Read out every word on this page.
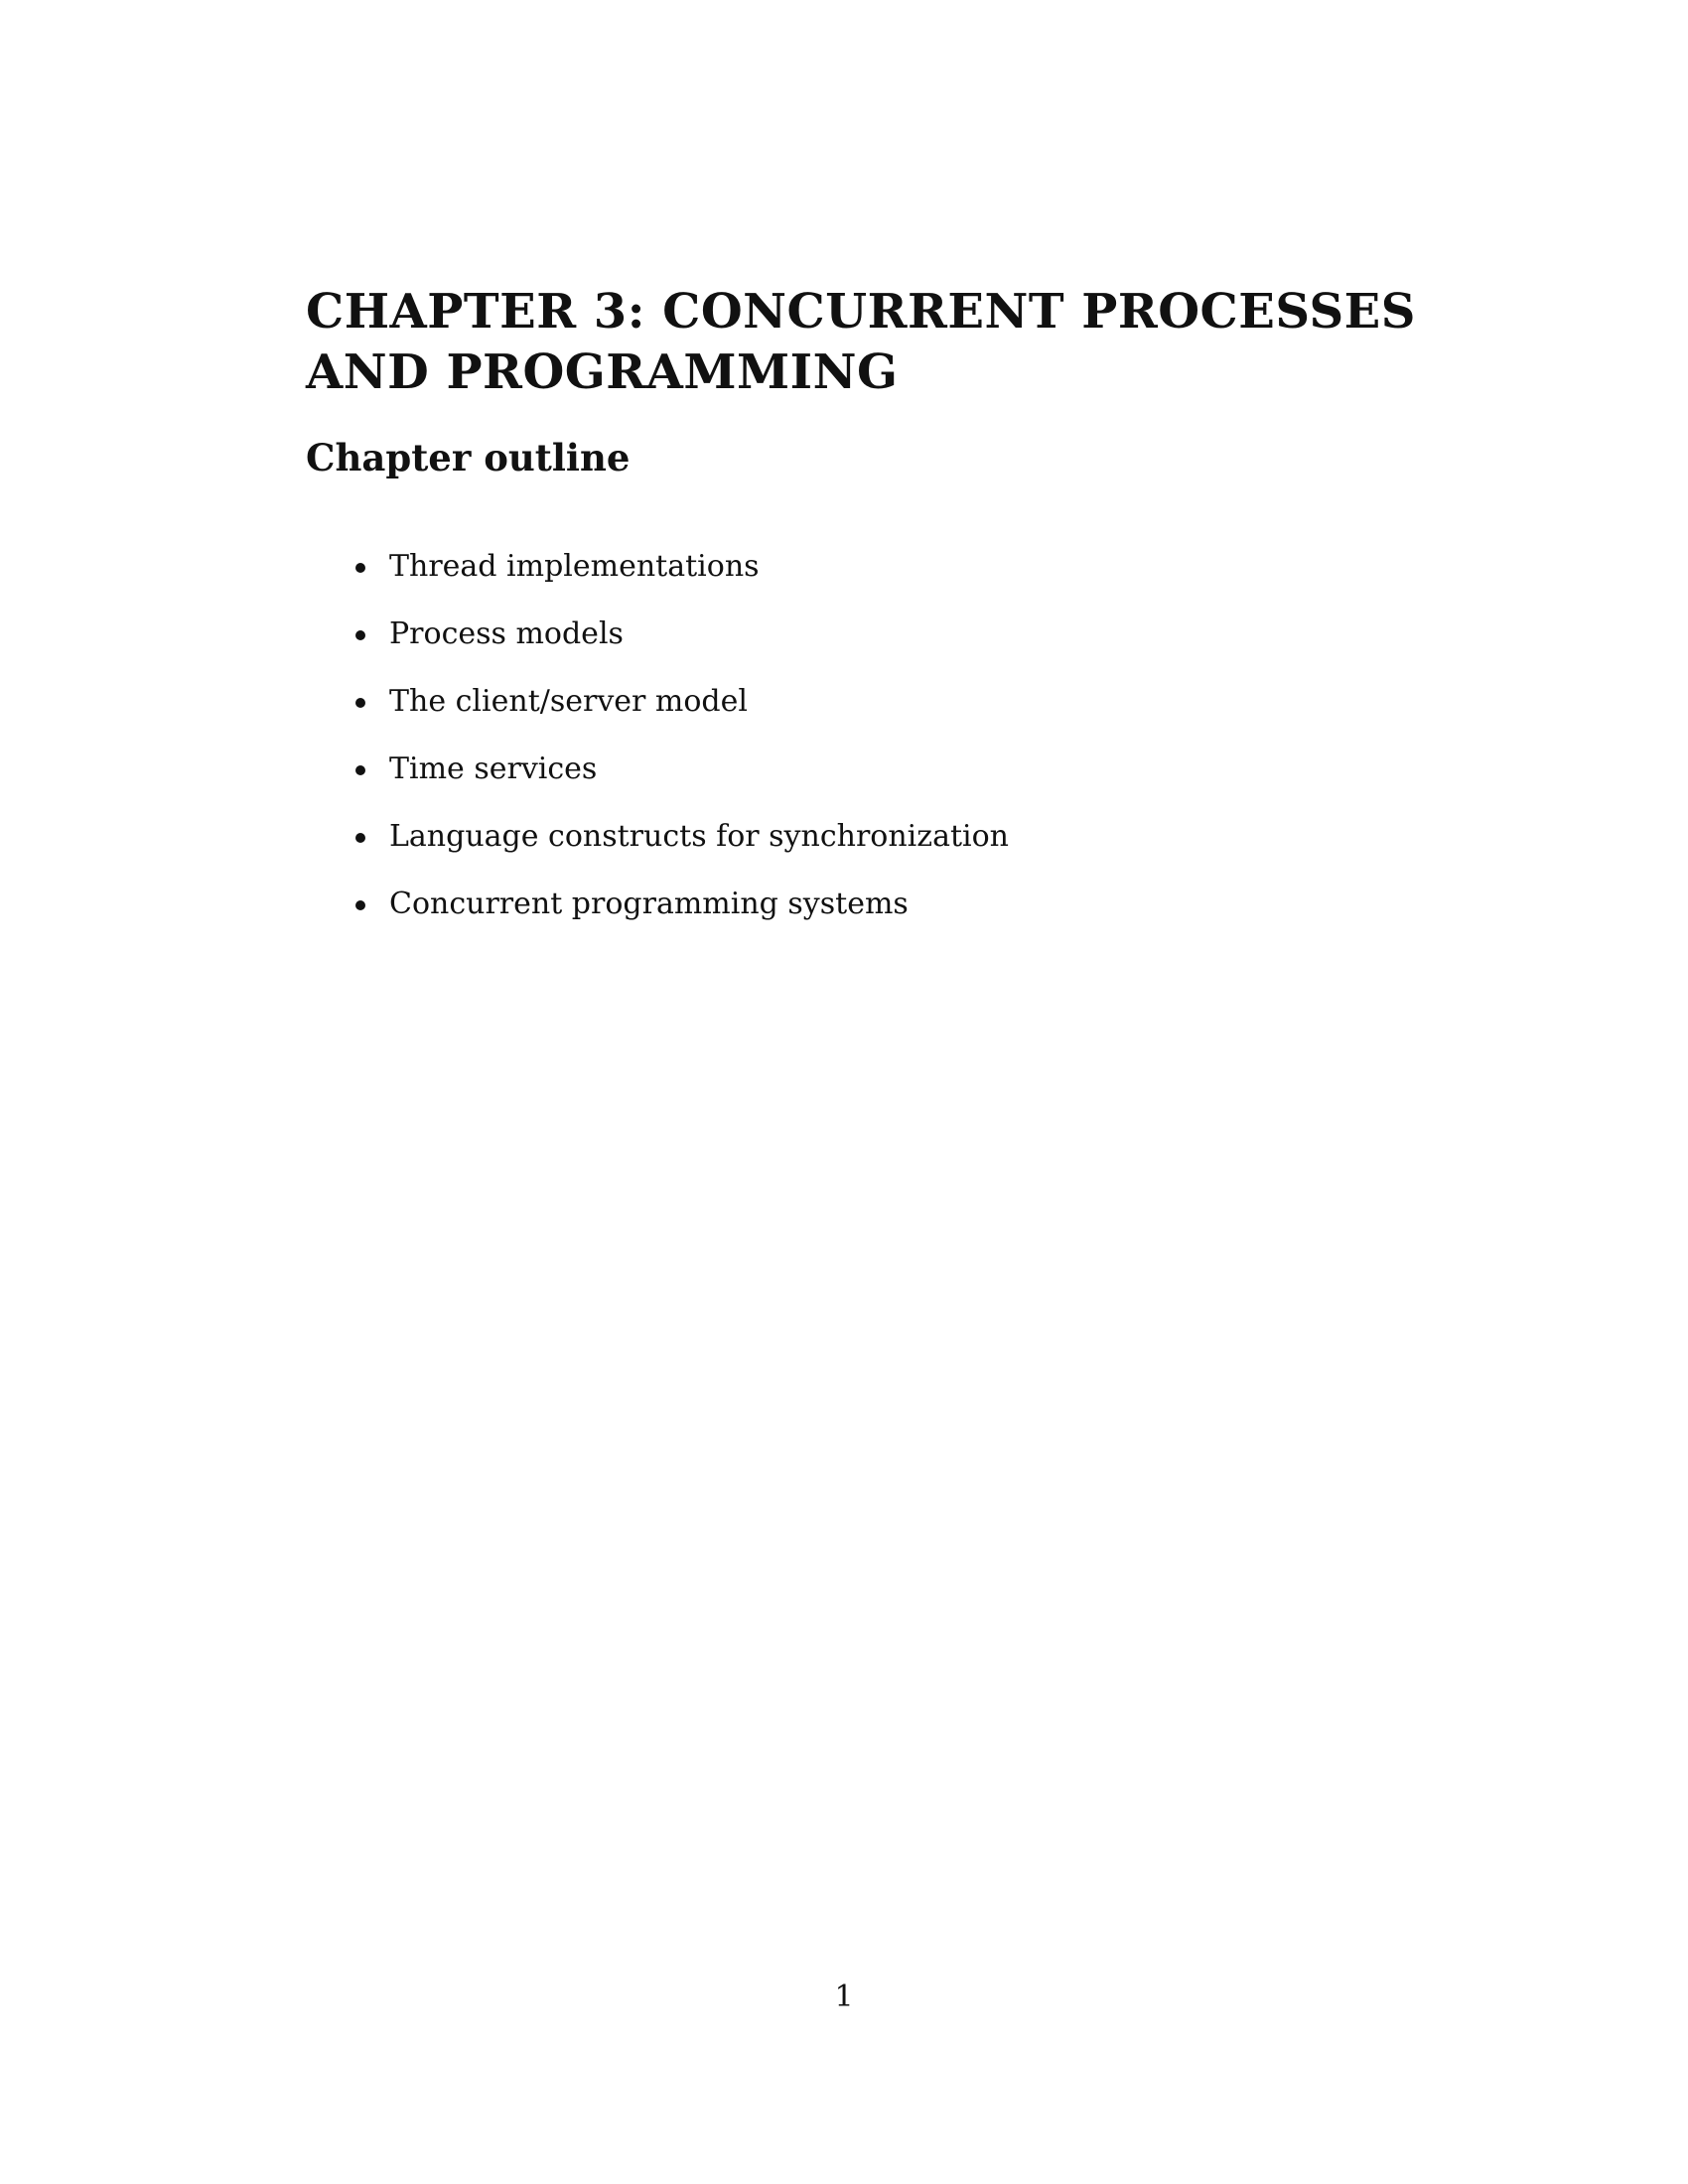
CHAPTER 3: CONCURRENT PROCESSES
AND PROGRAMMING
Chapter outline
Thread implementations
Process models
The client/server model
Time services
Language constructs for synchronization
Concurrent programming systems
1
